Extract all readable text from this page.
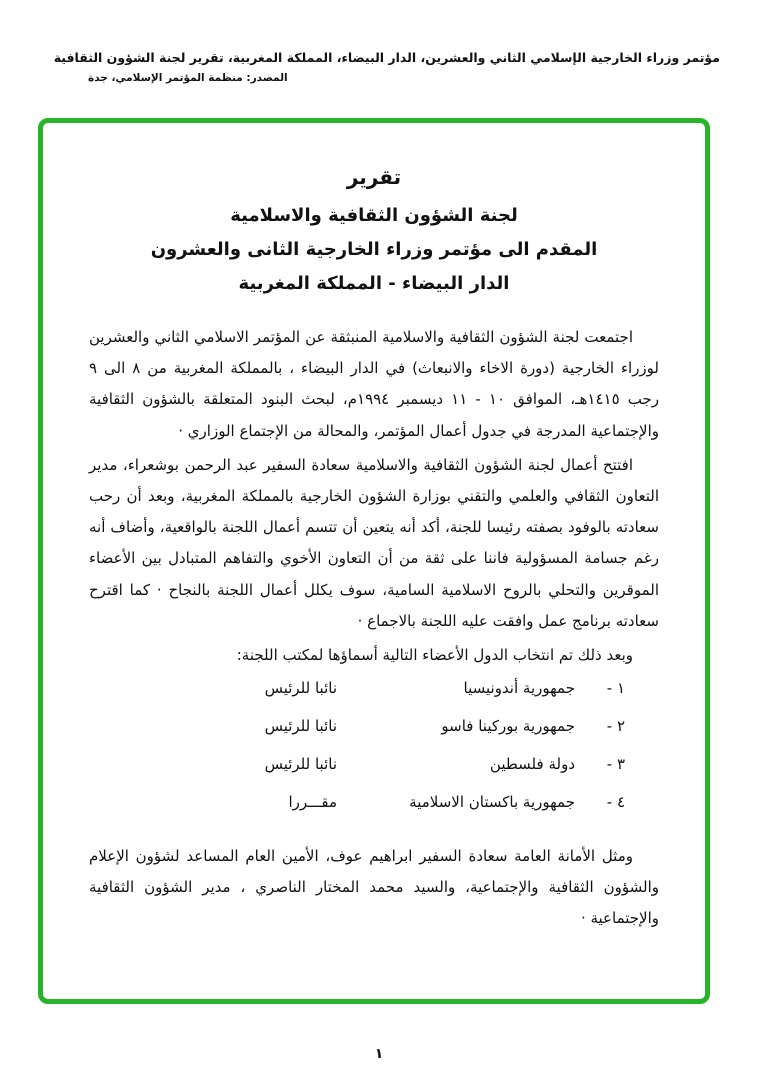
مؤتمر وزراء الخارجية الإسلامي الثاني والعشرين، الدار البيضاء، المملكة المغربية، تقرير لجنة الشؤون الثقافية
المصدر: منظمة المؤتمر الإسلامي، جدة
تقرير
لجنة الشؤون الثقافية والاسلامية
المقدم الى مؤتمر وزراء الخارجية الثانى والعشرون
الدار البيضاء - المملكة المغربية

اجتمعت لجنة الشؤون الثقافية والاسلامية المنبثقة عن المؤتمر الاسلامي الثاني والعشرين لوزراء الخارجية (دورة الاخاء والانبعاث) في الدار البيضاء ، بالمملكة المغربية من ٨ الى ٩ رجب ١٤١٥هـ، الموافق ١٠ - ١١ ديسمبر ١٩٩٤م، لبحث البنود المتعلقة بالشؤون الثقافية والإجتماعية المدرجة في جدول أعمال المؤتمر، والمحالة من الإجتماع الوزاري ·

افتتح أعمال لجنة الشؤون الثقافية والاسلامية سعادة السفير عبد الرحمن بوشعراء، مدير التعاون الثقافي والعلمي والتقني بوزارة الشؤون الخارجية بالمملكة المغربية، وبعد أن رحب سعادته بالوفود بصفته رئيسا للجنة، أكد أنه يتعين أن تتسم أعمال اللجنة بالواقعية، وأضاف أنه رغم جسامة المسؤولية فاننا على ثقة من أن التعاون الأخوي والتفاهم المتبادل بين الأعضاء الموقرين والتحلي بالروح الاسلامية السامية، سوف يكلل أعمال اللجنة بالنجاح · كما اقترح سعادته برنامج عمل وافقت عليه اللجنة بالاجماع ·

وبعد ذلك تم انتخاب الدول الأعضاء التالية أسماؤها لمكتب اللجنة:

١ -
جمهورية أندونيسيا
نائبا للرئيس
٢ -
جمهورية بوركينا فاسو
نائبا للرئيس
٣ -
دولة فلسطين
نائبا للرئيس
٤ -
جمهورية باكستان الاسلامية
مقـــررا

ومثل الأمانة العامة سعادة السفير ابراهيم عوف، الأمين العام المساعد لشؤون الإعلام والشؤون الثقافية والإجتماعية، والسيد محمد المختار الناصري ، مدير الشؤون الثقافية والإجتماعية ·

١
